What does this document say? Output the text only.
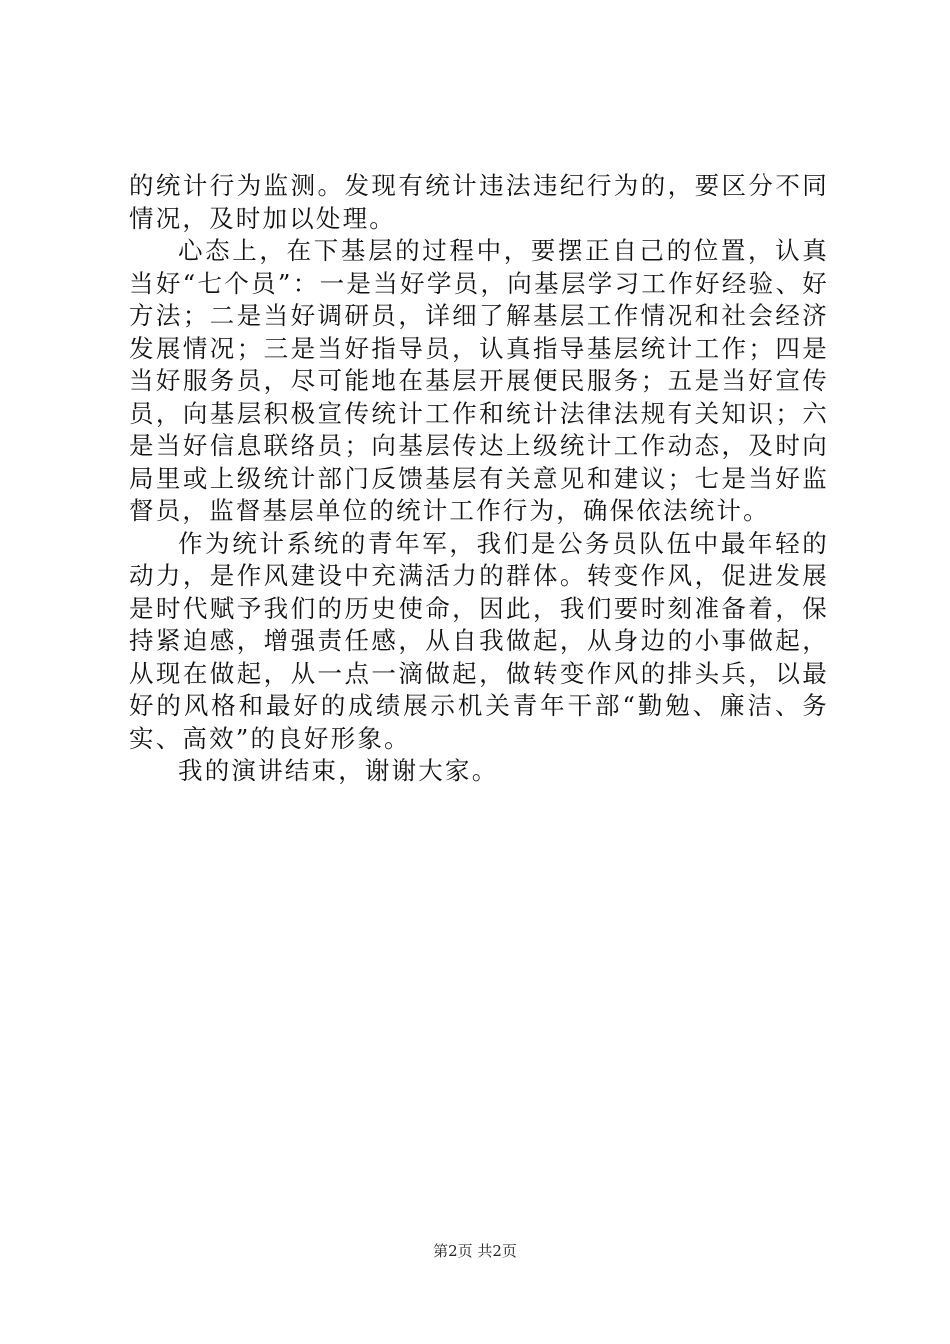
的统计行为监测。发现有统计违法违纪行为的，要区分不同情况，及时加以处理。

心态上，在下基层的过程中，要摆正自己的位置，认真当好“七个员”：一是当好学员，向基层学习工作好经验、好方法；二是当好调研员，详细了解基层工作情况和社会经济发展情况；三是当好指导员，认真指导基层统计工作；四是当好服务员，尽可能地在基层开展便民服务；五是当好宣传员，向基层积极宣传统计工作和统计法律法规有关知识；六是当好信息联络员；向基层传达上级统计工作动态，及时向局里或上级统计部门反馈基层有关意见和建议；七是当好监督员，监督基层单位的统计工作行为，确保依法统计。

作为统计系统的青年军，我们是公务员队伍中最年轻的动力，是作风建设中充满活力的群体。转变作风，促进发展是时代赋予我们的历史使命，因此，我们要时刻准备着，保持紧迫感，增强责任感，从自我做起，从身边的小事做起，从现在做起，从一点一滴做起，做转变作风的排头兵，以最好的风格和最好的成绩展示机关青年干部“勤勉、廉洁、务实、高效”的良好形象。

我的演讲结束，谢谢大家。

第2页 共2页
